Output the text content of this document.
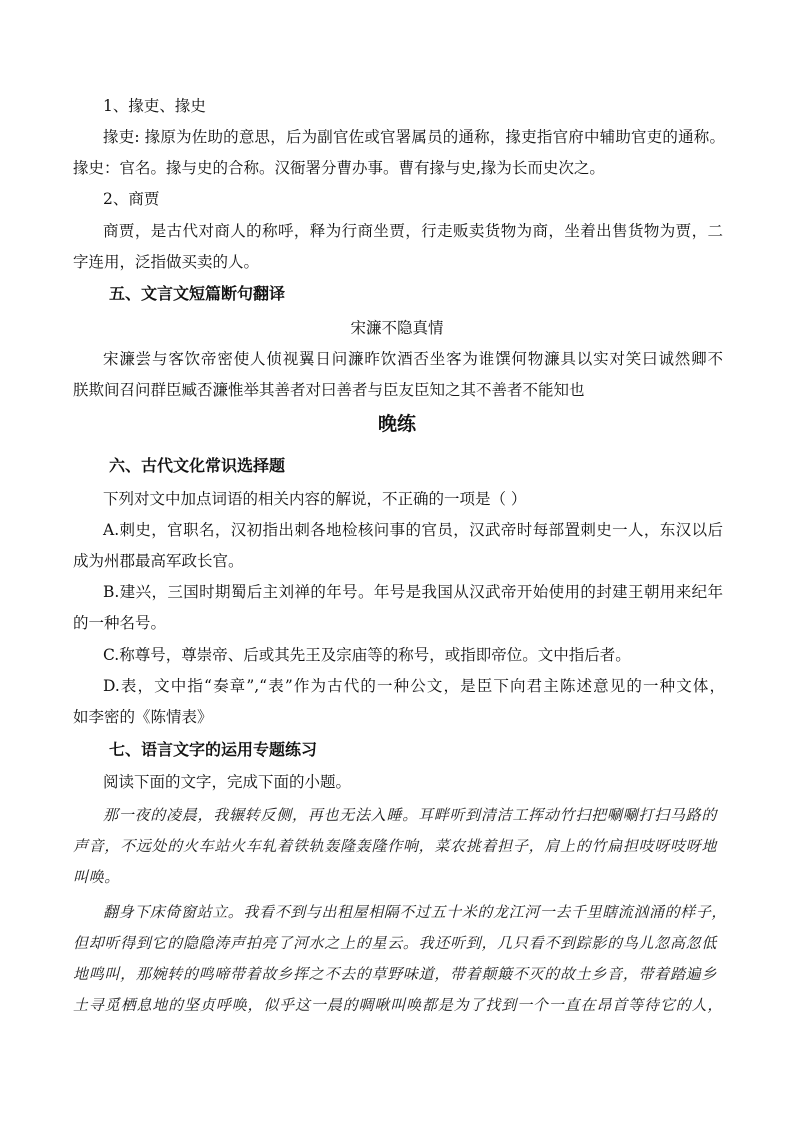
1、掾吏、掾史
掾吏: 掾原为佐助的意思，后为副官佐或官署属员的通称，掾吏指官府中辅助官吏的通称。
掾史：官名。掾与史的合称。汉衙署分曹办事。曹有掾与史,掾为长而史次之。
2、商贾
商贾，是古代对商人的称呼，释为行商坐贾，行走贩卖货物为商，坐着出售货物为贾，二
字连用，泛指做买卖的人。
五、文言文短篇断句翻译
宋濂不隐真情
宋濂尝与客饮帝密使人侦视翼日问濂昨饮酒否坐客为谁馔何物濂具以实对笑曰诚然卿不
朕欺间召问群臣臧否濂惟举其善者对曰善者与臣友臣知之其不善者不能知也
晚练
六、古代文化常识选择题
下列对文中加点词语的相关内容的解说，不正确的一项是（ ）
A.刺史，官职名，汉初指出刺各地检核问事的官员，汉武帝时每部置刺史一人，东汉以后
成为州郡最高军政长官。
B.建兴，三国时期蜀后主刘禅的年号。年号是我国从汉武帝开始使用的封建王朝用来纪年
的一种名号。
C.称尊号，尊崇帝、后或其先王及宗庙等的称号，或指即帝位。文中指后者。
D.表，文中指“奏章”,“表”作为古代的一种公文，是臣下向君主陈述意见的一种文体，
如李密的《陈情表》
七、语言文字的运用专题练习
阅读下面的文字，完成下面的小题。
那一夜的凌晨，我辗转反侧，再也无法入睡。耳畔听到清洁工挥动竹扫把唰唰打扫马路的
声音，不远处的火车站火车轧着铁轨轰隆轰隆作响，菜农挑着担子，肩上的竹扁担吱呀吱呀地
叫唤。
翻身下床倚窗站立。我看不到与出租屋相隔不过五十米的龙江河一去千里瞎流汹涌的样子，
但却听得到它的隐隐涛声拍亮了河水之上的星云。我还听到，几只看不到踪影的鸟儿忽高忽低
地鸣叫，那婉转的鸣啼带着故乡挥之不去的草野味道，带着颠簸不灭的故土乡音，带着踏遍乡
土寻觅栖息地的坚贞呼唤，似乎这一晨的啁啾叫唤都是为了找到一个一直在昂首等待它的人，
